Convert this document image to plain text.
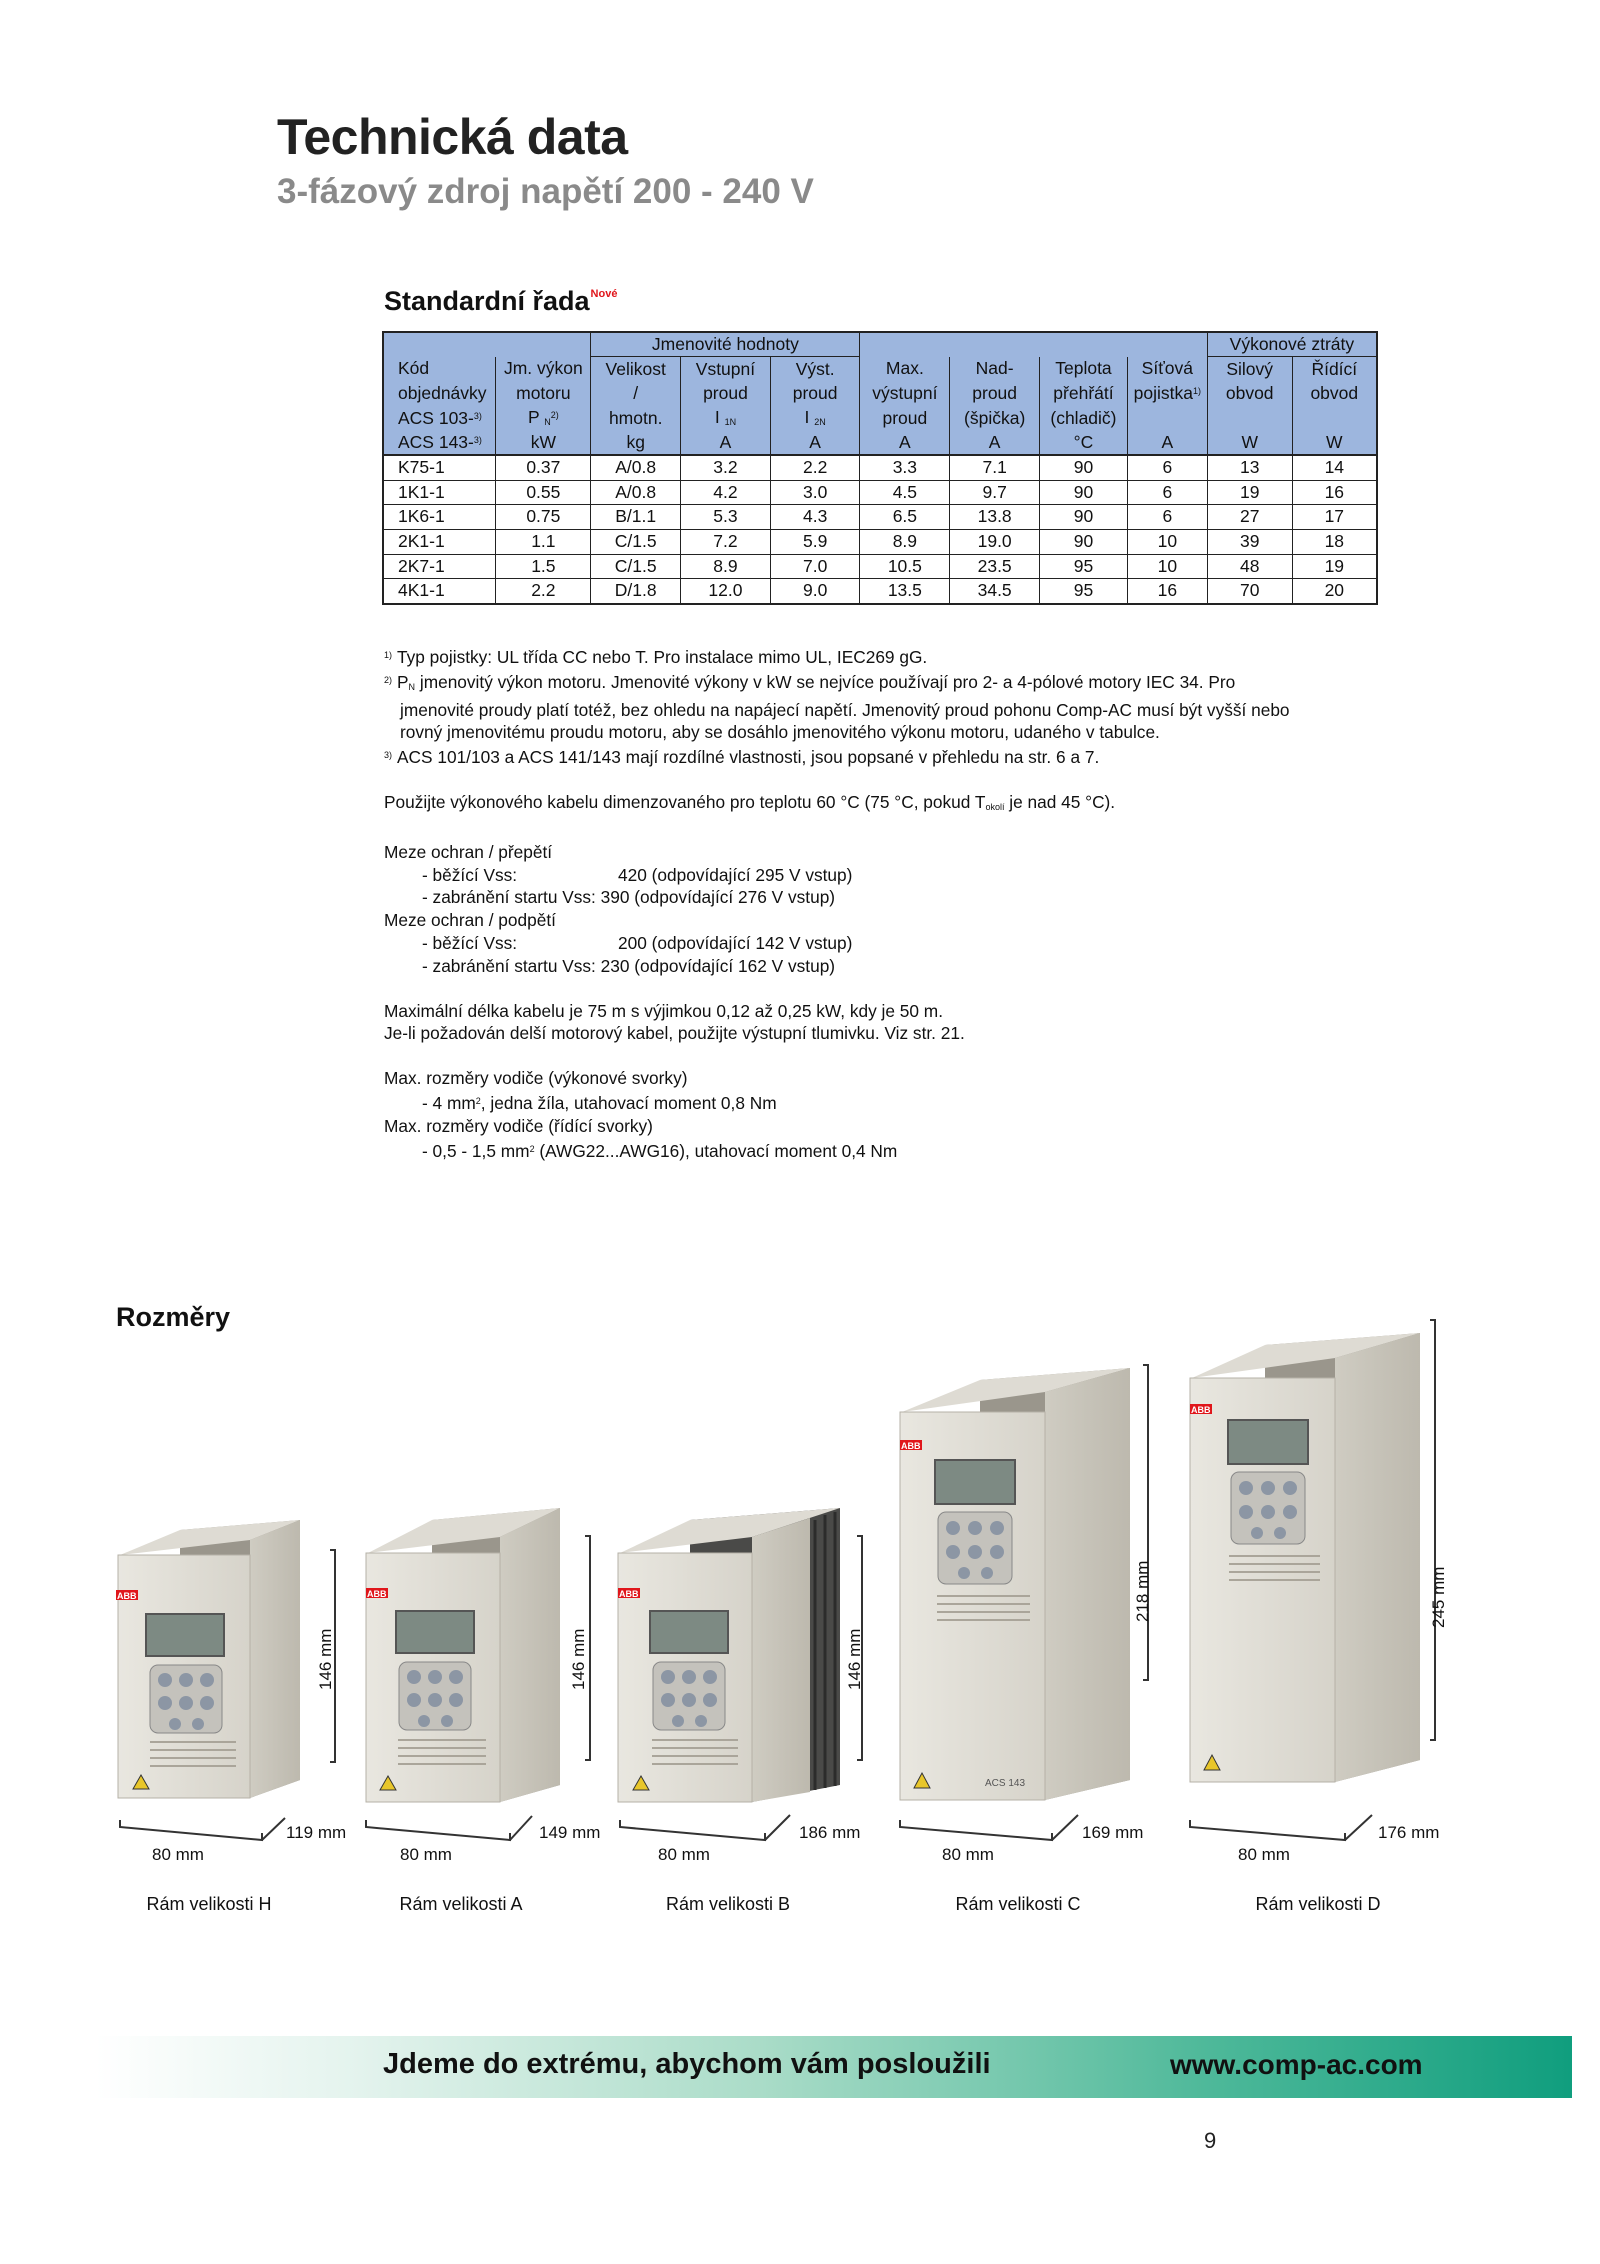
Technická data
3-fázový zdroj napětí 200 - 240 V
Standardní řada$^{Nové}$
		Jmenovité hodnoty							Výkonové ztráty	
Kód	Jm. výkon	Velikost	Vstupní	Výst.	Max.	Nad-	Teplota	Síťová	Silový	Řídící
objednávky	motoru	/	proud	proud	výstupní	proud	přehřátí	pojistka$^{1)}$	obvod	obvod
ACS 103-$^{3)}$	P $N^{2)}$	hmotn.	I 1N	I 2N	proud	(špička)	(chladič)			
ACS 143-$^{3)}$	kW	kg	A	A	A	A	°C	A	W	W
K75-1	0.37	A/0.8	3.2	2.2	3.3	7.1	90	6	13	14
1K1-1	0.55	A/0.8	4.2	3.0	4.5	9.7	90	6	19	16
1K6-1	0.75	B/1.1	5.3	4.3	6.5	13.8	90	6	27	17
2K1-1	1.1	C/1.5	7.2	5.9	8.9	19.0	90	10	39	18
2K7-1	1.5	C/1.5	8.9	7.0	10.5	23.5	95	10	48	19
4K1-1	2.2	D/1.8	12.0	9.0	13.5	34.5	95	16	70	20

$^{1)}$ Typ pojistky: UL třída CC nebo T. Pro instalace mimo UL, IEC269 gG.

$^{2)}$ PN jmenovitý výkon motoru. Jmenovité výkony v kW se nejvíce používají pro 2- a 4-pólové motory IEC 34. Pro

jmenovité proudy platí totéž, bez ohledu na napájecí napětí. Jmenovitý proud pohonu Comp-AC musí být vyšší nebo

rovný jmenovitému proudu motoru, aby se dosáhlo jmenovitého výkonu motoru, udaného v tabulce.

$^{3)}$ ACS 101/103 a ACS 141/143 mají rozdílné vlastnosti, jsou popsané v přehledu na str. 6 a 7.

Použijte výkonového kabelu dimenzovaného pro teplotu 60 °C (75 °C, pokud Tokolí je nad 45 °C).

Meze ochran / přepětí

- běžící Vss:	420 (odpovídající 295 V vstup)

- zabránění startu Vss: 390 (odpovídající 276 V vstup)

Meze ochran / podpětí

- běžící Vss:	200 (odpovídající 142 V vstup)

- zabránění startu Vss: 230 (odpovídající 162 V vstup)

Maximální délka kabelu je 75 m s výjimkou 0,12 až 0,25 kW, kdy je 50 m.

Je-li požadován delší motorový kabel, použijte výstupní tlumivku. Viz str. 21.

Max. rozměry vodiče (výkonové svorky)

- 4 $mm^2$, jedna žíla, utahovací moment 0,8 Nm

Max. rozměry vodiče (řídící svorky)

- 0,5 - 1,5 $mm^2$ (AWG22...AWG16), utahovací moment 0,4 Nm

Rozměry
ACS 143
ABB	ABB	ABB
ABB
ABB
146 mm
80 mm
119 mm
146 mm
80 mm
149 mm
146 mm
80 mm
186 mm
218 mm
80 mm
169 mm
245 mm
80 mm
176 mm
Rám velikosti H	Rám velikosti A	Rám velikosti B	Rám velikosti C	Rám velikosti D
Jdeme do extrému, abychom vám posloužili	www.comp-ac.com
9
